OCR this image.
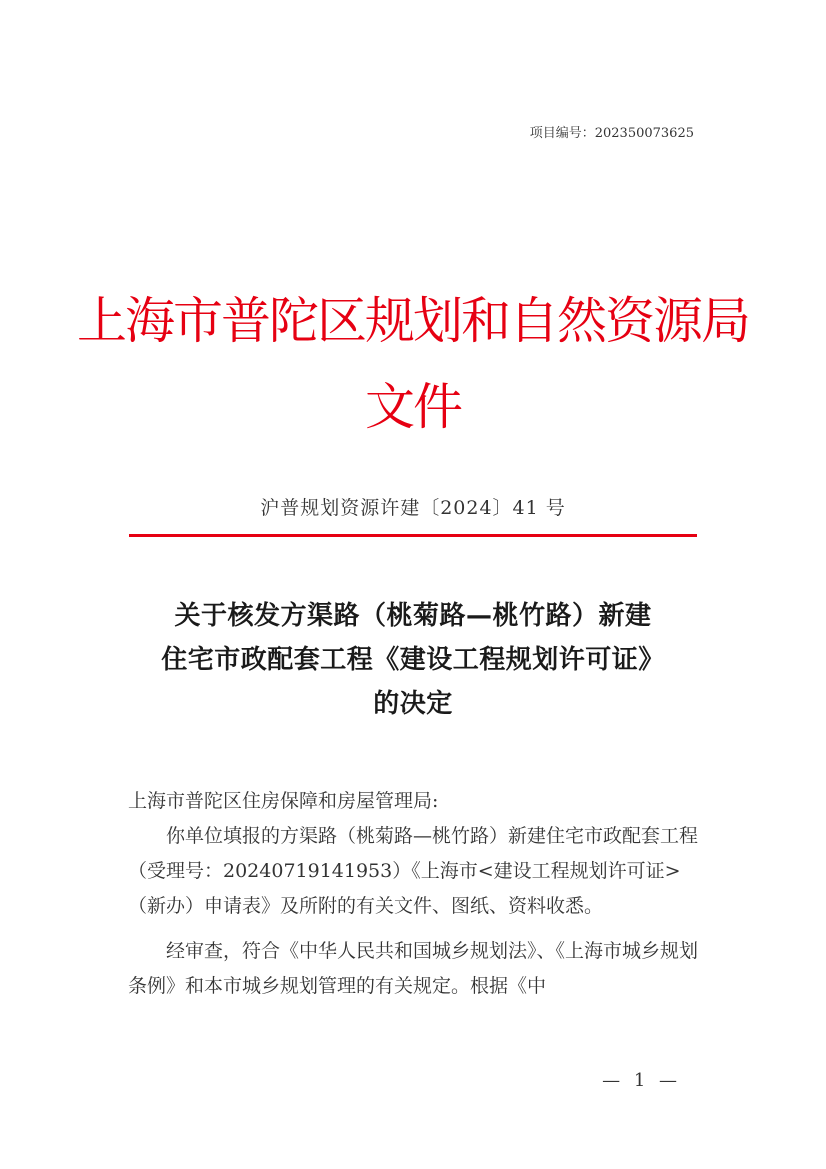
项目编号：202350073625
上海市普陀区规划和自然资源局
文件
沪普规划资源许建〔2024〕41 号
关于核发方渠路（桃菊路—桃竹路）新建
住宅市政配套工程《建设工程规划许可证》
的决定

上海市普陀区住房保障和房屋管理局:

你单位填报的方渠路（桃菊路—桃竹路）新建住宅市政配套工程（受理号：20240719141953）《上海市<建设工程规划许可证>（新办）申请表》及所附的有关文件、图纸、资料收悉。

经审查，符合《中华人民共和国城乡规划法》、《上海市城乡规划条例》和本市城乡规划管理的有关规定。根据《中

— 1 —
